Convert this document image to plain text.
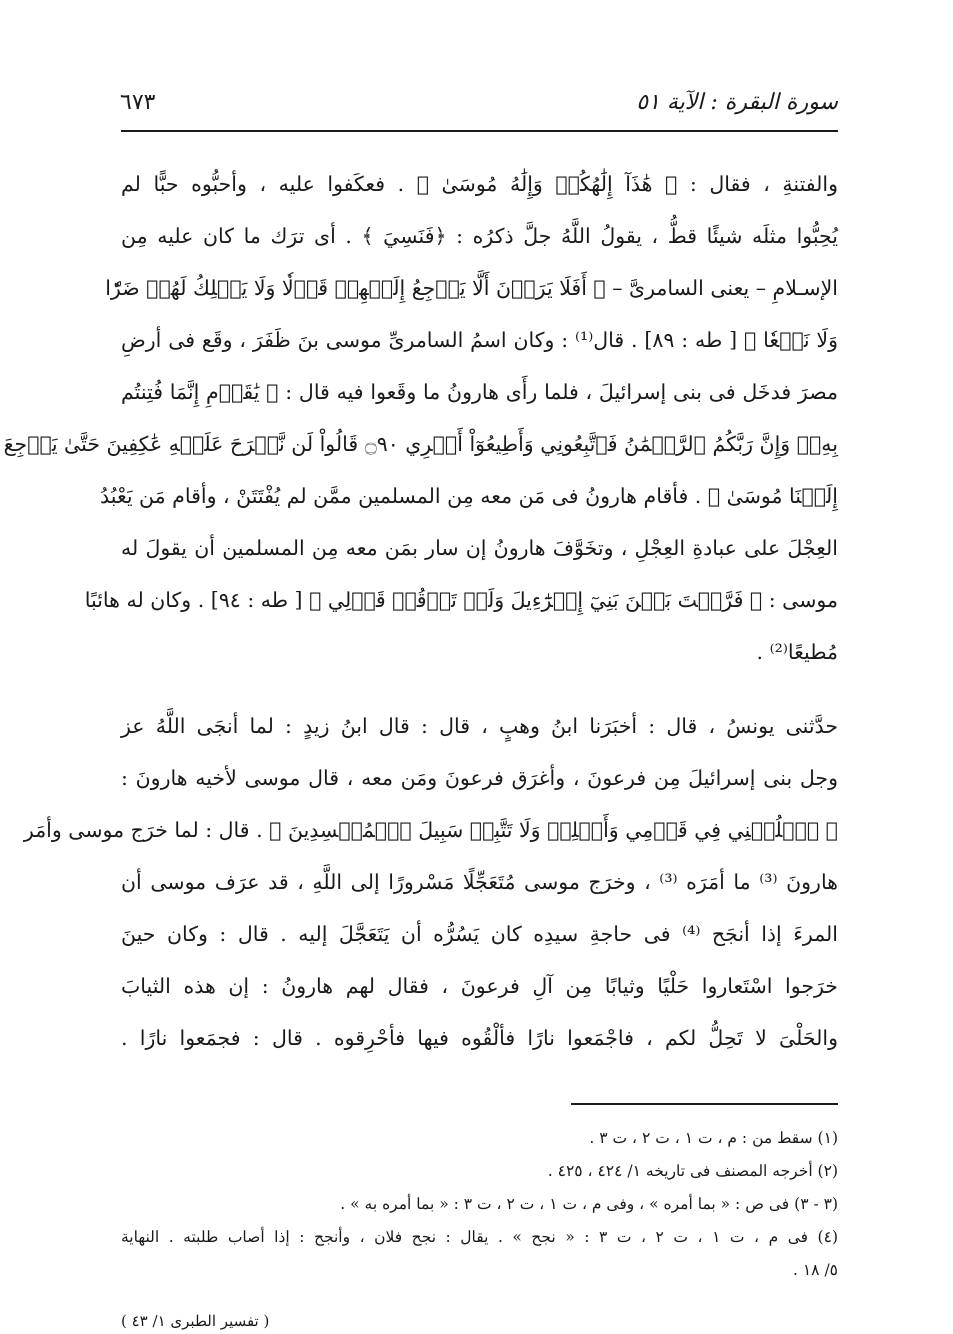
سورة البقرة : الآية ٥١
٦٧٣
والفتنةِ ، فقال : ﴿ هَٰذَآ إِلَٰهُكُمۡ وَإِلَٰهُ مُوسَىٰ ﴾ . فعكَفوا عليه ، وأحبُّوه حبًّا لم
يُحِبُّوا مثلَه شيئًا قطُّ ، يقولُ اللَّهُ جلَّ ذكرُه : ﴿فَنَسِيَ ﴾ . أى ترَك ما كان عليه مِن
الإسـلامِ – يعنى السامرىَّ – ﴿ أَفَلَا يَرَوۡنَ أَلَّا يَرۡجِعُ إِلَيۡهِمۡ قَوۡلٗا وَلَا يَمۡلِكُ لَهُمۡ ضَرّٗا
وَلَا نَفۡعٗا ﴾ [ طه : ٨٩] . قال⁽¹⁾ : وكان اسمُ السامرىِّ موسى بنَ ظَفَرَ ، وقَع فى أرضِ
مصرَ فدخَل فى بنى إسرائيلَ ، فلما رأَى هارونُ ما وقَعوا فيه قال : ﴿ يَٰقَوۡمِ إِنَّمَا فُتِنتُم
بِهِۦۖ وَإِنَّ رَبَّكُمُ ٱلرَّحۡمَٰنُ فَٱتَّبِعُونِي وَأَطِيعُوٓاْ أَمۡرِي ۝٩٠ قَالُواْ لَن نَّبۡرَحَ عَلَيۡهِ عَٰكِفِينَ حَتَّىٰ يَرۡجِعَ
إِلَيۡنَا مُوسَىٰ ﴾ . فأقام هارونُ فى مَن معه مِن المسلمين ممَّن لم يُفْتَتَنْ ، وأقام مَن يَعْبُدُ
العِجْلَ على عبادةِ العِجْلِ ، وتخَوَّفَ هارونُ إن سار بمَن معه مِن المسلمين أن يقولَ له
موسى : ﴿ فَرَّقۡتَ بَيۡنَ بَنِيٓ إِسۡرَٰٓءِيلَ وَلَمۡ تَرۡقُبۡ قَوۡلِي ﴾ [ طه : ٩٤] . وكان له هائبًا
مُطيعًا⁽²⁾ .
حدَّثنى يونسُ ، قال : أخبَرَنا ابنُ وهبٍ ، قال : قال ابنُ زيدٍ : لما أنجَى اللَّهُ عز
وجل بنى إسرائيلَ مِن فرعونَ ، وأغرَق فرعونَ ومَن معه ، قال موسى لأخيه هارونَ :
﴿ ٱخۡلُفۡنِي فِي قَوۡمِي وَأَصۡلِحۡ وَلَا تَتَّبِعۡ سَبِيلَ ٱلۡمُفۡسِدِينَ ﴾ . قال : لما خرَج موسى وأمَر
هارونَ ⁽³⁾ ما أمَرَه ⁽³⁾ ، وخرَج موسى مُتَعَجِّلًا مَسْرورًا إلى اللَّهِ ، قد عرَف موسى أن
المرءَ إذا أنجَح ⁽⁴⁾ فى حاجةِ سيدِه كان يَسُرُّه أن يَتَعَجَّلَ إليه . قال : وكان حينَ
خرَجوا اسْتَعاروا حَلْيًا وثيابًا مِن آلِ فرعونَ ، فقال لهم هارونُ : إن هذه الثيابَ
والحَلْىَ لا تَحِلُّ لكم ، فاجْمَعوا نارًا فألْقُوه فيها فأحْرِقوه . قال : فجمَعوا نارًا .
(١) سقط من : م ، ت ١ ، ت ٢ ، ت ٣ .
(٢) أخرجه المصنف فى تاريخه ١/ ٤٢٤ ، ٤٢٥ .
(٣ - ٣) فى ص : « بما أمره » ، وفى م ، ت ١ ، ت ٢ ، ت ٣ : « بما أمره به » .
(٤) فى م ، ت ١ ، ت ٢ ، ت ٣ : « نجح » . يقال : نجح فلان ، وأنجح : إذا أصاب طلبته . النهاية
٥/ ١٨ .
( تفسير الطبرى ١/ ٤٣ )
